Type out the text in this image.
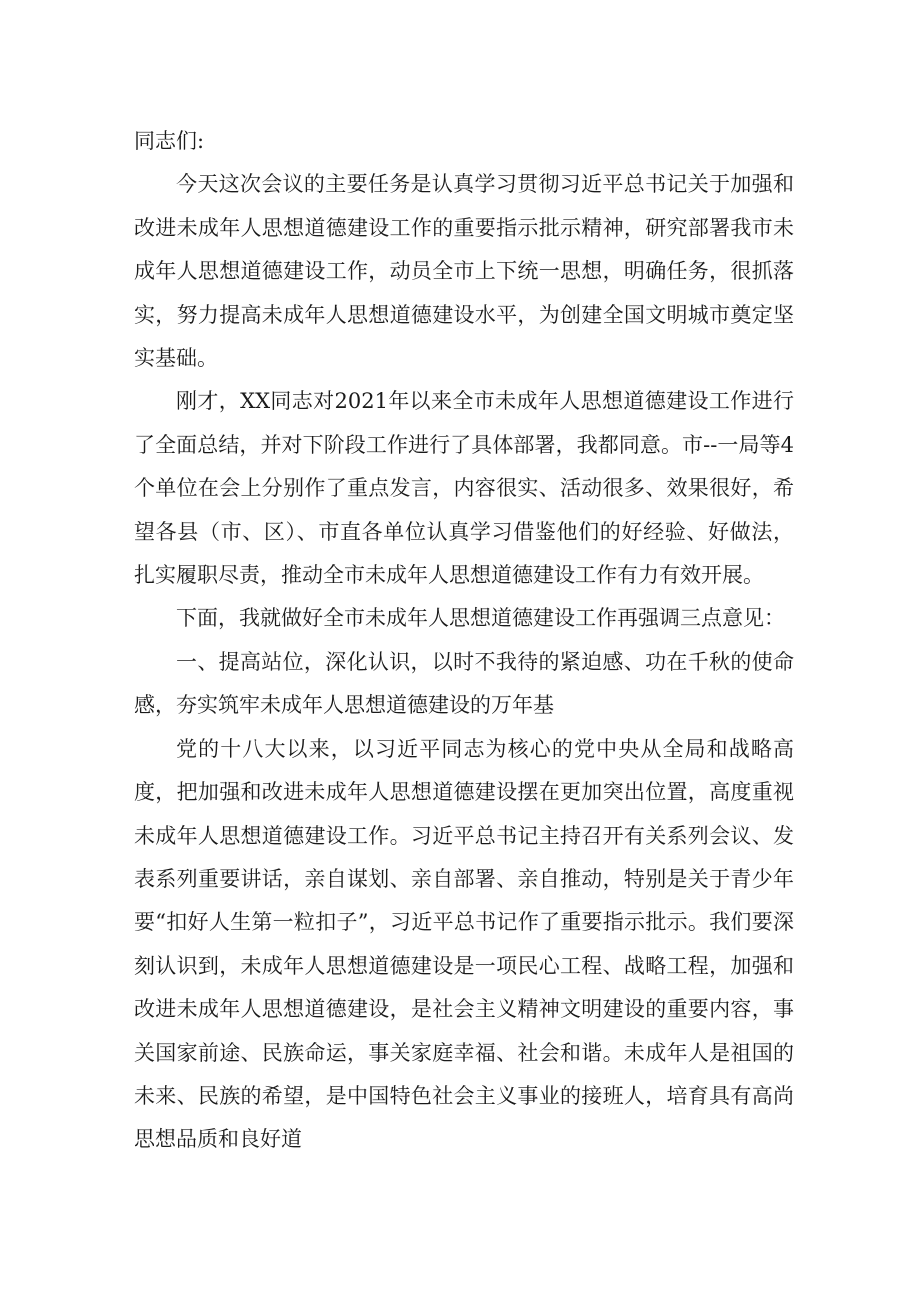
同志们:

今天这次会议的主要任务是认真学习贯彻习近平总书记关于加强和改进未成年人思想道德建设工作的重要指示批示精神，研究部署我市未成年人思想道德建设工作，动员全市上下统一思想，明确任务，很抓落实，努力提高未成年人思想道德建设水平，为创建全国文明城市奠定坚实基础。

刚才，XX同志对2021年以来全市未成年人思想道德建设工作进行了全面总结，并对下阶段工作进行了具体部署，我都同意。市--一局等4个单位在会上分别作了重点发言，内容很实、活动很多、效果很好，希望各县（市、区）、市直各单位认真学习借鉴他们的好经验、好做法，扎实履职尽责，推动全市未成年人思想道德建设工作有力有效开展。

下面，我就做好全市未成年人思想道德建设工作再强调三点意见：

一、提高站位，深化认识，以时不我待的紧迫感、功在千秋的使命感，夯实筑牢未成年人思想道德建设的万年基

党的十八大以来，以习近平同志为核心的党中央从全局和战略高度，把加强和改进未成年人思想道德建设摆在更加突出位置，高度重视未成年人思想道德建设工作。习近平总书记主持召开有关系列会议、发表系列重要讲话，亲自谋划、亲自部署、亲自推动，特别是关于青少年要“扣好人生第一粒扣子”，习近平总书记作了重要指示批示。我们要深刻认识到，未成年人思想道德建设是一项民心工程、战略工程，加强和改进未成年人思想道德建设，是社会主义精神文明建设的重要内容，事关国家前途、民族命运，事关家庭幸福、社会和谐。未成年人是祖国的未来、民族的希望，是中国特色社会主义事业的接班人，培育具有高尚思想品质和良好道
